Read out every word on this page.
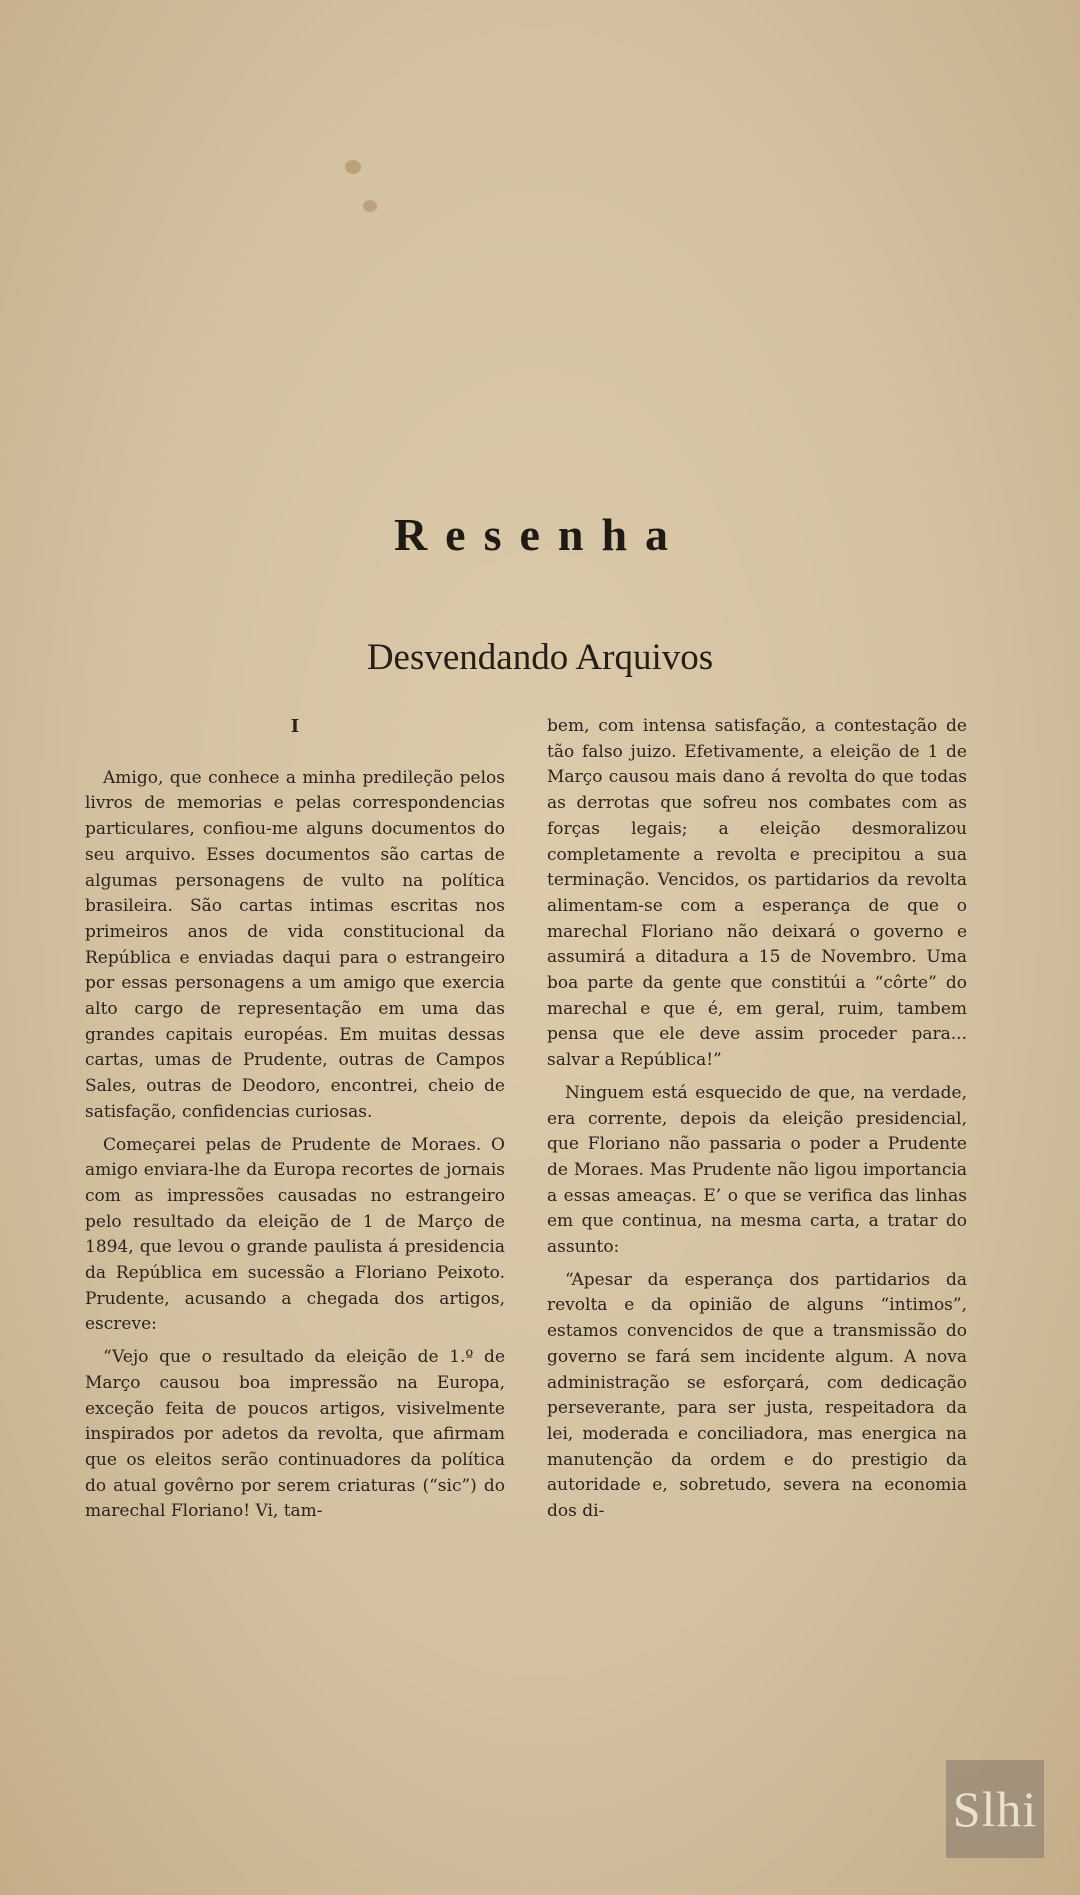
Resenha
Desvendando Arquivos

I

Amigo, que conhece a minha predileção pelos livros de memorias e pelas correspondencias particulares, confiou-me alguns documentos do seu arquivo. Esses documentos são cartas de algumas personagens de vulto na política brasileira. São cartas intimas escritas nos primeiros anos de vida constitucional da República e enviadas daqui para o estrangeiro por essas personagens a um amigo que exercia alto cargo de representação em uma das grandes capitais européas. Em muitas dessas cartas, umas de Prudente, outras de Campos Sales, outras de Deodoro, encontrei, cheio de satisfação, confidencias curiosas.

Começarei pelas de Prudente de Moraes. O amigo enviara-lhe da Europa recortes de jornais com as impressões causadas no estrangeiro pelo resultado da eleição de 1 de Março de 1894, que levou o grande paulista á presidencia da República em sucessão a Floriano Peixoto. Prudente, acusando a chegada dos artigos, escreve:

“Vejo que o resultado da eleição de 1.º de Março causou boa impressão na Europa, exceção feita de poucos artigos, visivelmente inspirados por adetos da revolta, que afirmam que os eleitos serão continuadores da política do atual govêrno por serem criaturas (“sic”) do marechal Floriano! Vi, tam-

bem, com intensa satisfação, a contestação de tão falso juizo. Efetivamente, a eleição de 1 de Março causou mais dano á revolta do que todas as derrotas que sofreu nos combates com as forças legais; a eleição desmoralizou completamente a revolta e precipitou a sua terminação. Vencidos, os partidarios da revolta alimentam-se com a esperança de que o marechal Floriano não deixará o governo e assumirá a ditadura a 15 de Novembro. Uma boa parte da gente que constitúi a “côrte” do marechal e que é, em geral, ruim, tambem pensa que ele deve assim proceder para... salvar a República!”

Ninguem está esquecido de que, na verdade, era corrente, depois da eleição presidencial, que Floriano não passaria o poder a Prudente de Moraes. Mas Prudente não ligou importancia a essas ameaças. E’ o que se verifica das linhas em que continua, na mesma carta, a tratar do assunto:

“Apesar da esperança dos partidarios da revolta e da opinião de alguns “intimos”, estamos convencidos de que a transmissão do governo se fará sem incidente algum. A nova administração se esforçará, com dedicação perseverante, para ser justa, respeitadora da lei, moderada e conciliadora, mas energica na manutenção da ordem e do prestigio da autoridade e, sobretudo, severa na economia dos di-

Slhi
